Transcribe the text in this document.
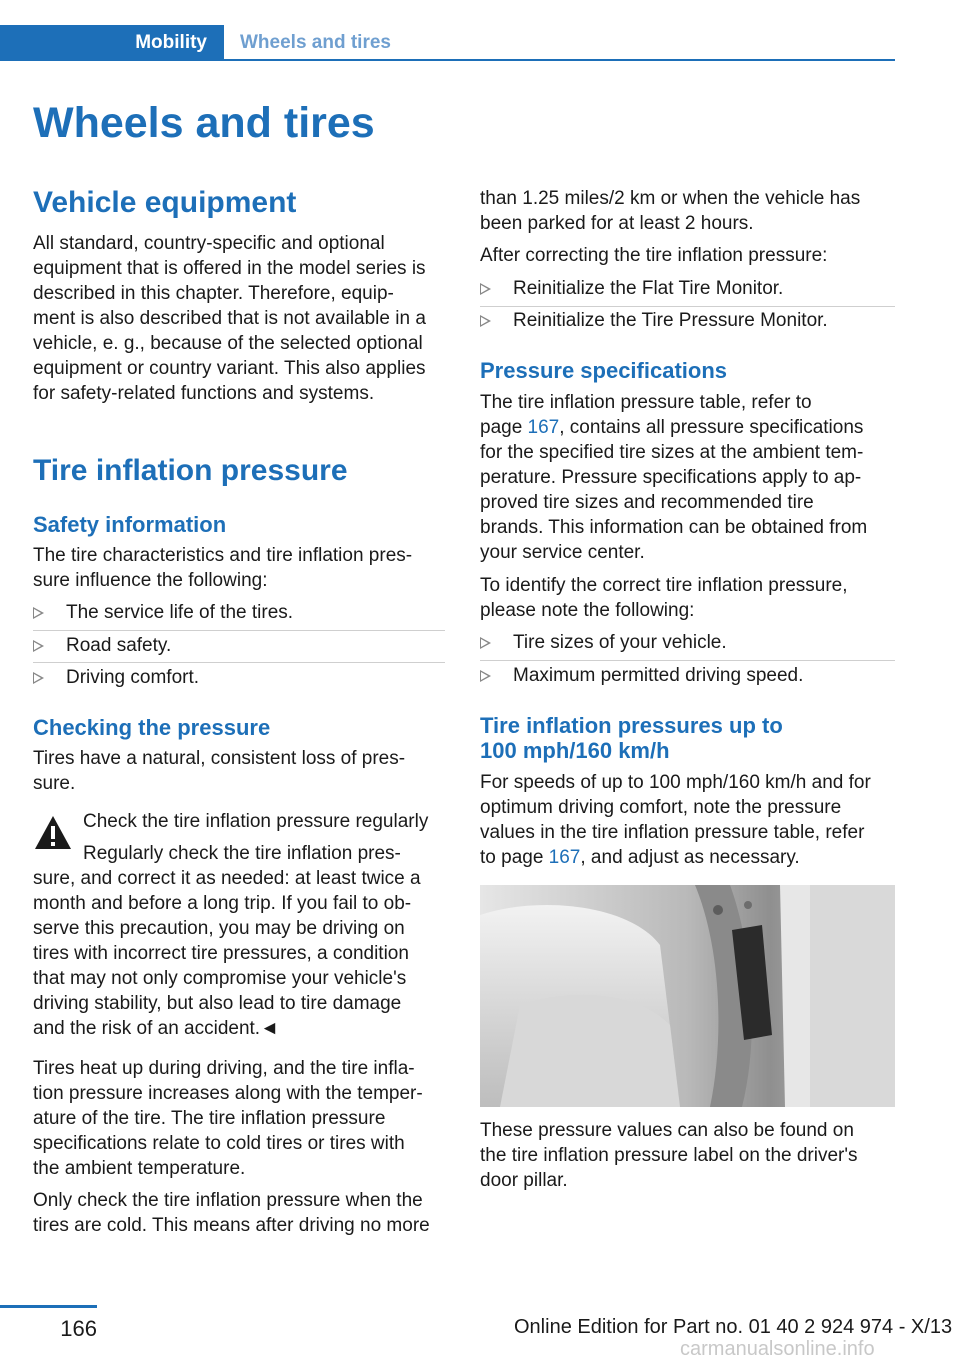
Mobility	Wheels and tires
Wheels and tires
Vehicle equipment
All standard, country-specific and optional
equipment that is offered in the model series is
described in this chapter. Therefore, equip-
ment is also described that is not available in a
vehicle, e. g., because of the selected optional
equipment or country variant. This also applies
for safety-related functions and systems.
Tire inflation pressure
Safety information
The tire characteristics and tire inflation pres-
sure influence the following:
The service life of the tires.
Road safety.
Driving comfort.
Checking the pressure
Tires have a natural, consistent loss of pres-
sure.
Check the tire inflation pressure regularly
Regularly check the tire inflation pres-
sure, and correct it as needed: at least twice a
month and before a long trip. If you fail to ob-
serve this precaution, you may be driving on
tires with incorrect tire pressures, a condition
that may not only compromise your vehicle's
driving stability, but also lead to tire damage
and the risk of an accident.◄
Tires heat up during driving, and the tire infla-
tion pressure increases along with the temper-
ature of the tire. The tire inflation pressure
specifications relate to cold tires or tires with
the ambient temperature.
Only check the tire inflation pressure when the
tires are cold. This means after driving no more
than 1.25 miles/2 km or when the vehicle has
been parked for at least 2 hours.
After correcting the tire inflation pressure:
Reinitialize the Flat Tire Monitor.
Reinitialize the Tire Pressure Monitor.
Pressure specifications
The tire inflation pressure table, refer to
page 167, contains all pressure specifications
for the specified tire sizes at the ambient tem-
perature. Pressure specifications apply to ap-
proved tire sizes and recommended tire
brands. This information can be obtained from
your service center.
To identify the correct tire inflation pressure,
please note the following:
Tire sizes of your vehicle.
Maximum permitted driving speed.
Tire inflation pressures up to
100 mph/160 km/h
For speeds of up to 100 mph/160 km/h and for
optimum driving comfort, note the pressure
values in the tire inflation pressure table, refer
to page 167, and adjust as necessary.
These pressure values can also be found on
the tire inflation pressure label on the driver's
door pillar.
166	Online Edition for Part no. 01 40 2 924 974 - X/13
carmanualsonline.info
